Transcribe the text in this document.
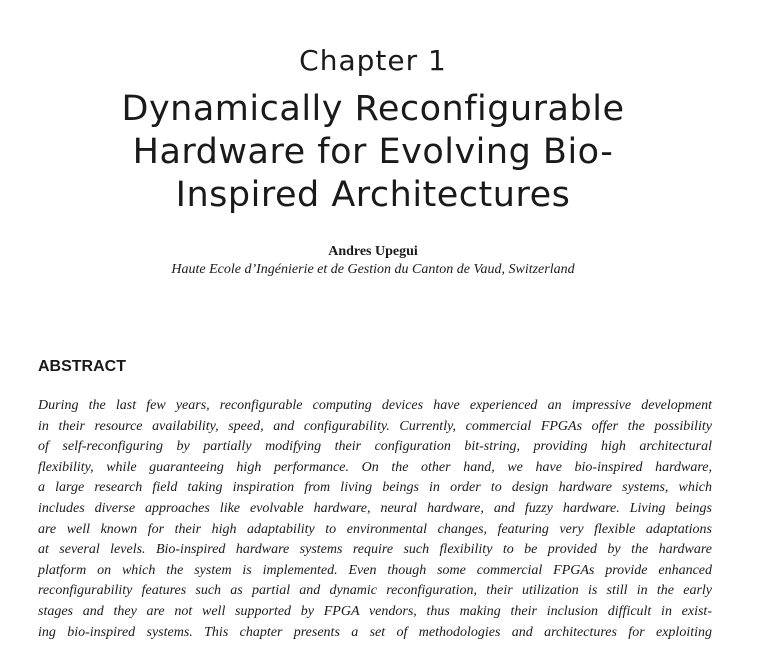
Chapter 1
Dynamically Reconfigurable
Hardware for Evolving Bio-
Inspired Architectures
Andres Upegui
Haute Ecole d’Ingénierie et de Gestion du Canton de Vaud, Switzerland
ABSTRACT
During the last few years, reconfigurable computing devices have experienced an impressive development
in their resource availability, speed, and configurability. Currently, commercial FPGAs offer the possibility
of self-reconfiguring by partially modifying their configuration bit-string, providing high architectural
flexibility, while guaranteeing high performance. On the other hand, we have bio-inspired hardware,
a large research field taking inspiration from living beings in order to design hardware systems, which
includes diverse approaches like evolvable hardware, neural hardware, and fuzzy hardware. Living beings
are well known for their high adaptability to environmental changes, featuring very flexible adaptations
at several levels. Bio-inspired hardware systems require such flexibility to be provided by the hardware
platform on which the system is implemented. Even though some commercial FPGAs provide enhanced
reconfigurability features such as partial and dynamic reconfiguration, their utilization is still in the early
stages and they are not well supported by FPGA vendors, thus making their inclusion difficult in exist-
ing bio-inspired systems. This chapter presents a set of methodologies and architectures for exploiting
